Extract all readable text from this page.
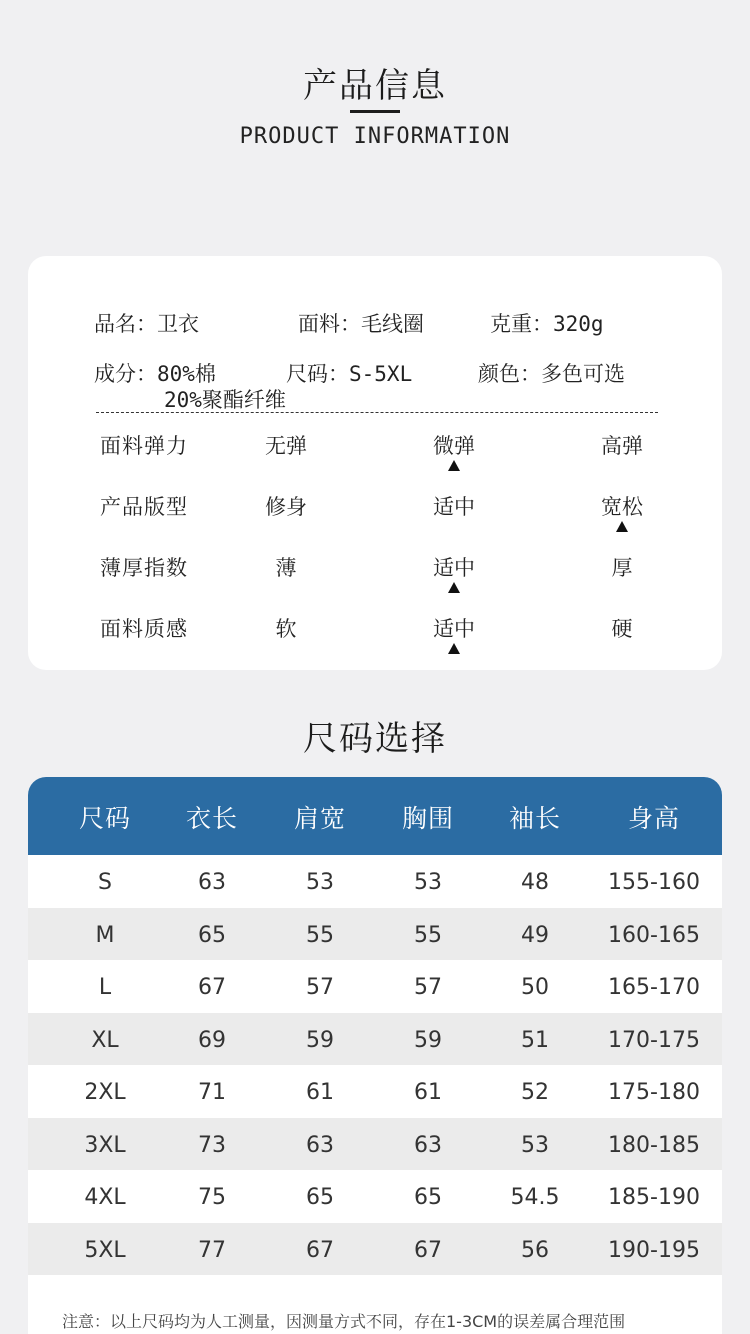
产品信息
PRODUCT INFORMATION
品名：卫衣	面料：毛线圈	克重：320g
成分：80%棉	尺码：S-5XL	颜色：多色可选
20%聚酯纤维
面料弹力	无弹	微弹	高弹
产品版型	修身	适中	宽松
薄厚指数	薄	适中	厚
面料质感	软	适中	硬
尺码选择
尺码	衣长	肩宽	胸围	袖长	身高
S	63	53	53	48	155-160
M	65	55	55	49	160-165
L	67	57	57	50	165-170
XL	69	59	59	51	170-175
2XL	71	61	61	52	175-180
3XL	73	63	63	53	180-185
4XL	75	65	65	54.5	185-190
5XL	77	67	67	56	190-195
注意：以上尺码均为人工测量，因测量方式不同，存在1-3CM的误差属合理范围
